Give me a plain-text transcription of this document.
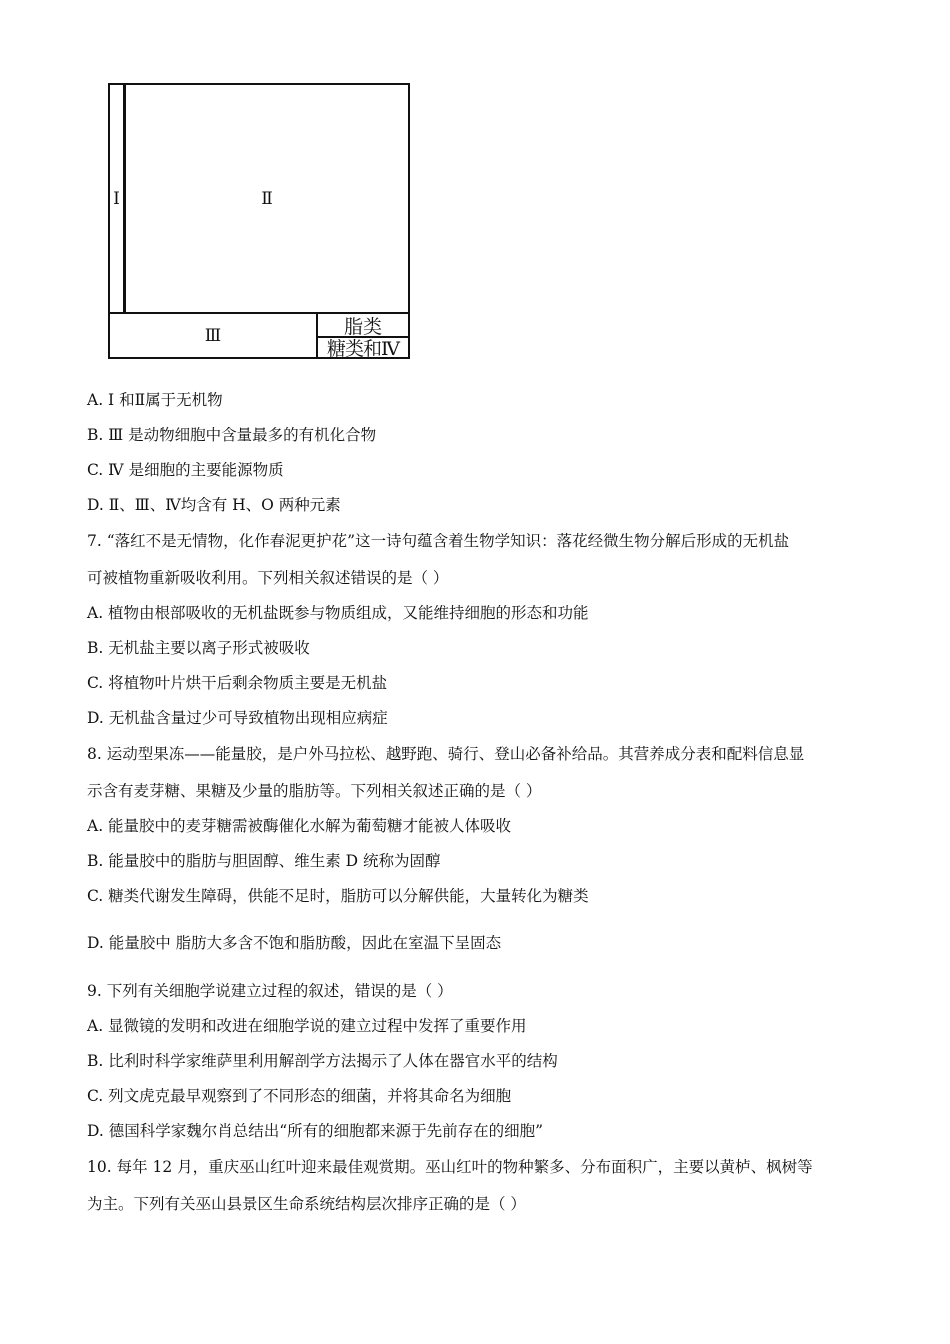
Ⅰ	Ⅱ
Ⅲ	脂类
糖类和Ⅳ
A. Ⅰ 和Ⅱ属于无机物
B. Ⅲ 是动物细胞中含量最多的有机化合物
C. Ⅳ 是细胞的主要能源物质
D. Ⅱ、Ⅲ、Ⅳ均含有 H、O 两种元素
7. “落红不是无情物，化作春泥更护花”这一诗句蕴含着生物学知识：落花经微生物分解后形成的无机盐
可被植物重新吸收利用。下列相关叙述错误的是（ ）
A. 植物由根部吸收的无机盐既参与物质组成，又能维持细胞的形态和功能
B. 无机盐主要以离子形式被吸收
C. 将植物叶片烘干后剩余物质主要是无机盐
D. 无机盐含量过少可导致植物出现相应病症
8. 运动型果冻——能量胶，是户外马拉松、越野跑、骑行、登山必备补给品。其营养成分表和配料信息显
示含有麦芽糖、果糖及少量的脂肪等。下列相关叙述正确的是（ ）
A. 能量胶中的麦芽糖需被酶催化水解为葡萄糖才能被人体吸收
B. 能量胶中的脂肪与胆固醇、维生素 D 统称为固醇
C. 糖类代谢发生障碍，供能不足时，脂肪可以分解供能，大量转化为糖类
D. 能量胶中 脂肪大多含不饱和脂肪酸，因此在室温下呈固态
9. 下列有关细胞学说建立过程的叙述，错误的是（ ）
A. 显微镜的发明和改进在细胞学说的建立过程中发挥了重要作用
B. 比利时科学家维萨里利用解剖学方法揭示了人体在器官水平的结构
C. 列文虎克最早观察到了不同形态的细菌，并将其命名为细胞
D. 德国科学家魏尔肖总结出“所有的细胞都来源于先前存在的细胞”
10. 每年 12 月，重庆巫山红叶迎来最佳观赏期。巫山红叶的物种繁多、分布面积广，主要以黄栌、枫树等
为主。下列有关巫山县景区生命系统结构层次排序正确的是（ ）
